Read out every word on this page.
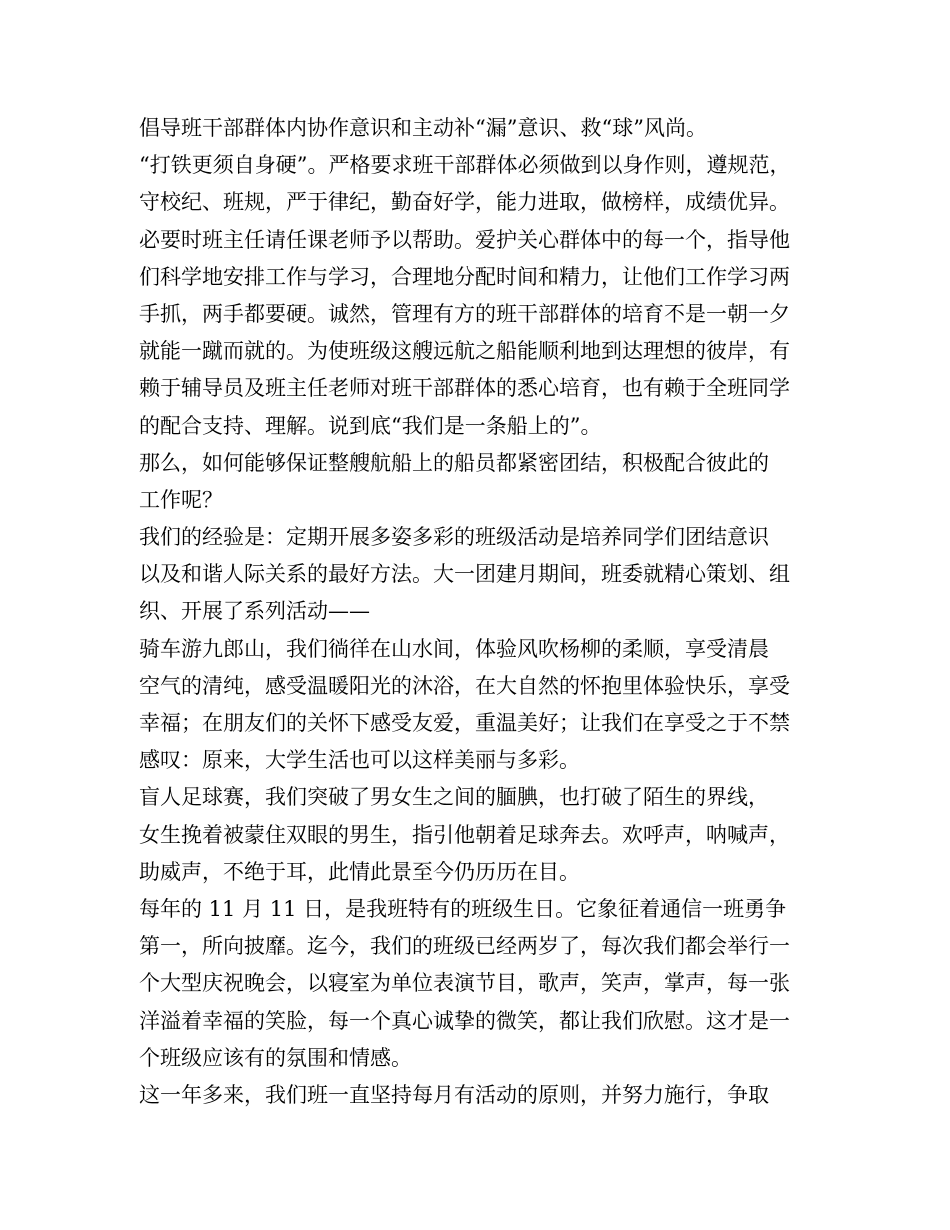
倡导班干部群体内协作意识和主动补“漏”意识、救“球”风尚。
“打铁更须自身硬”。严格要求班干部群体必须做到以身作则，遵规范，
守校纪、班规，严于律纪，勤奋好学，能力进取，做榜样，成绩优异。
必要时班主任请任课老师予以帮助。爱护关心群体中的每一个，指导他
们科学地安排工作与学习，合理地分配时间和精力，让他们工作学习两
手抓，两手都要硬。诚然，管理有方的班干部群体的培育不是一朝一夕
就能一蹴而就的。为使班级这艘远航之船能顺利地到达理想的彼岸，有
赖于辅导员及班主任老师对班干部群体的悉心培育，也有赖于全班同学
的配合支持、理解。说到底“我们是一条船上的”。
那么，如何能够保证整艘航船上的船员都紧密团结，积极配合彼此的
工作呢？
我们的经验是：定期开展多姿多彩的班级活动是培养同学们团结意识
以及和谐人际关系的最好方法。大一团建月期间，班委就精心策划、组
织、开展了系列活动——
骑车游九郎山，我们徜徉在山水间，体验风吹杨柳的柔顺，享受清晨
空气的清纯，感受温暖阳光的沐浴，在大自然的怀抱里体验快乐，享受
幸福；在朋友们的关怀下感受友爱，重温美好；让我们在享受之于不禁
感叹：原来，大学生活也可以这样美丽与多彩。
盲人足球赛，我们突破了男女生之间的腼腆，也打破了陌生的界线，
女生挽着被蒙住双眼的男生，指引他朝着足球奔去。欢呼声，呐喊声，
助威声，不绝于耳，此情此景至今仍历历在目。
每年的 11 月 11 日，是我班特有的班级生日。它象征着通信一班勇争
第一，所向披靡。迄今，我们的班级已经两岁了，每次我们都会举行一
个大型庆祝晚会，以寝室为单位表演节目，歌声，笑声，掌声，每一张
洋溢着幸福的笑脸，每一个真心诚挚的微笑，都让我们欣慰。这才是一
个班级应该有的氛围和情感。
这一年多来，我们班一直坚持每月有活动的原则，并努力施行，争取
